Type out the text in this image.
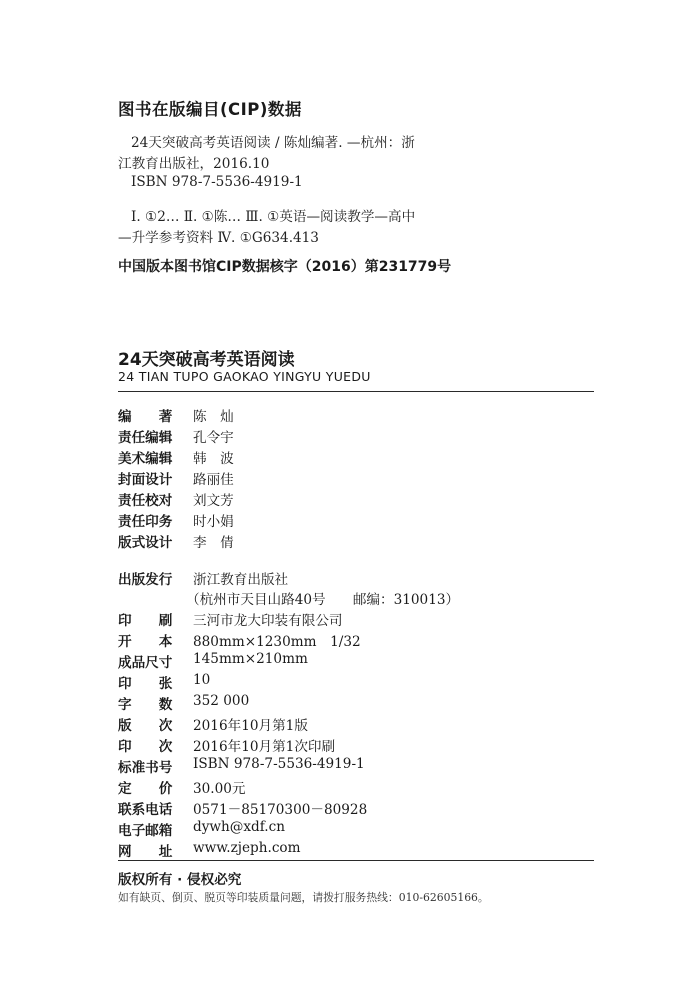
图书在版编目(CIP)数据
24天突破高考英语阅读 / 陈灿编著. —杭州：浙
江教育出版社，2016.10
ISBN 978-7-5536-4919-1
Ⅰ. ①2… Ⅱ. ①陈… Ⅲ. ①英语—阅读教学—高中
—升学参考资料 Ⅳ. ①G634.413
中国版本图书馆CIP数据核字（2016）第231779号
24天突破高考英语阅读
24 TIAN TUPO GAOKAO YINGYU YUEDU
编　　著 陈　灿
责任编辑 孔令宇
美术编辑 韩　波
封面设计 路丽佳
责任校对 刘文芳
责任印务 时小娟
版式设计 李　倩
出版发行 浙江教育出版社
（杭州市天目山路40号　　邮编：310013）
印　　刷 三河市龙大印装有限公司
开　　本 880mm×1230mm　1/32
成品尺寸 145mm×210mm
印　　张 10
字　　数 352 000
版　　次 2016年10月第1版
印　　次 2016年10月第1次印刷
标准书号 ISBN 978-7-5536-4919-1
定　　价 30.00元
联系电话 0571－85170300－80928
电子邮箱 dywh@xdf.cn
网　　址 www.zjeph.com
版权所有 · 侵权必究
如有缺页、倒页、脱页等印装质量问题，请拨打服务热线：010-62605166。
